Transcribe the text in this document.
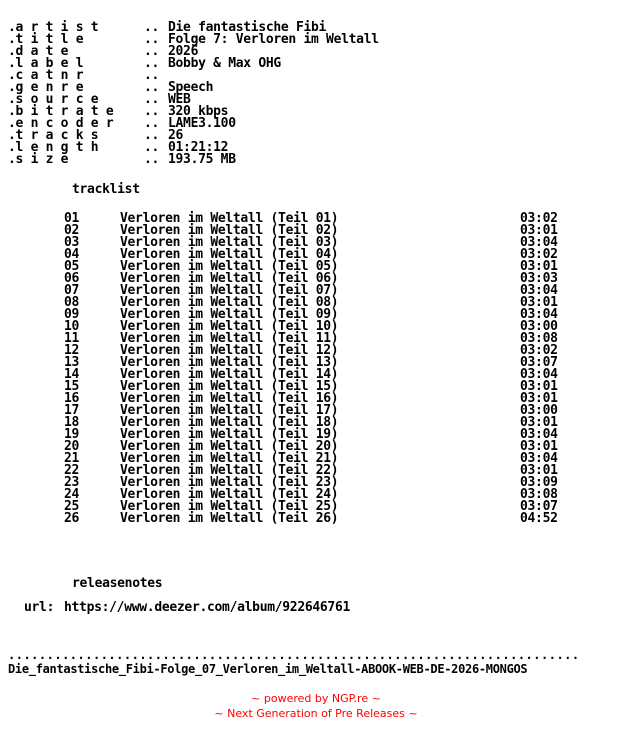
.a r t i s t	.. Die fantastische Fibi
.t i t l e	.. Folge 7: Verloren im Weltall
.d a t e	.. 2026
.l a b e l	.. Bobby & Max OHG
.c a t n r	..
.g e n r e	.. Speech
.s o u r c e	.. WEB
.b i t r a t e .. 320 kbps
.e n c o d e r .. LAME3.100
.t r a c k s	.. 26
.l e n g t h	.. 01:21:12
.s i z e	.. 193.75 MB
tracklist
01	Verloren im Weltall (Teil 01)	03:02
02	Verloren im Weltall (Teil 02)	03:01
03	Verloren im Weltall (Teil 03)	03:04
04	Verloren im Weltall (Teil 04)	03:02
05	Verloren im Weltall (Teil 05)	03:01
06	Verloren im Weltall (Teil 06)	03:03
07	Verloren im Weltall (Teil 07)	03:04
08	Verloren im Weltall (Teil 08)	03:01
09	Verloren im Weltall (Teil 09)	03:04
10	Verloren im Weltall (Teil 10)	03:00
11	Verloren im Weltall (Teil 11)	03:08
12	Verloren im Weltall (Teil 12)	03:02
13	Verloren im Weltall (Teil 13)	03:07
14	Verloren im Weltall (Teil 14)	03:04
15	Verloren im Weltall (Teil 15)	03:01
16	Verloren im Weltall (Teil 16)	03:01
17	Verloren im Weltall (Teil 17)	03:00
18	Verloren im Weltall (Teil 18)	03:01
19	Verloren im Weltall (Teil 19)	03:04
20	Verloren im Weltall (Teil 20)	03:01
21	Verloren im Weltall (Teil 21)	03:04
22	Verloren im Weltall (Teil 22)	03:01
23	Verloren im Weltall (Teil 23)	03:09
24	Verloren im Weltall (Teil 24)	03:08
25	Verloren im Weltall (Teil 25)	03:07
26	Verloren im Weltall (Teil 26)	04:52
releasenotes
url: https://www.deezer.com/album/922646761
..........................................................................
Die_fantastische_Fibi-Folge_07_Verloren_im_Weltall-ABOOK-WEB-DE-2026-MONGOS
~ powered by NGP.re ~
~ Next Generation of Pre Releases ~
